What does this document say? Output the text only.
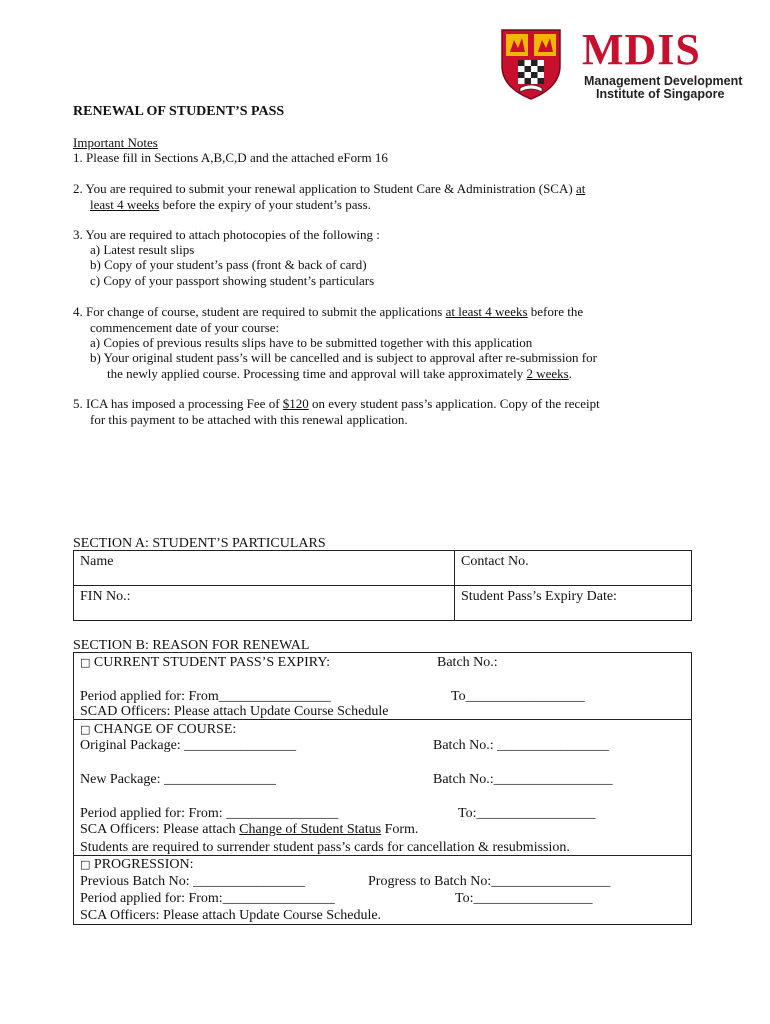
MDIS
Management Development
Institute of Singapore
RENEWAL OF STUDENT’S PASS
Important Notes
1. Please fill in Sections A,B,C,D and the attached eForm 16
2. You are required to submit your renewal application to Student Care & Administration (SCA) at
least 4 weeks before the expiry of your student’s pass.
3. You are required to attach photocopies of the following :
a) Latest result slips
b) Copy of your student’s pass (front & back of card)
c) Copy of your passport showing student’s particulars
4. For change of course, student are required to submit the applications at least 4 weeks before the
commencement date of your course:
a) Copies of previous results slips have to be submitted together with this application
b) Your original student pass’s will be cancelled and is subject to approval after re-submission for
the newly applied course. Processing time and approval will take approximately 2 weeks.
5. ICA has imposed a processing Fee of $120 on every student pass’s application. Copy of the receipt
for this payment to be attached with this renewal application.
SECTION A: STUDENT’S PARTICULARS
Name	Contact No.
FIN No.:	Student Pass’s Expiry Date:
SECTION B: REASON FOR RENEWAL
□ CURRENT STUDENT PASS’S EXPIRY:	Batch No.:
Period applied for: From________________	To_________________
SCAD Officers: Please attach Update Course Schedule
□ CHANGE OF COURSE:
Original Package: ________________	Batch No.: ________________
New Package: ________________	Batch No.:_________________
Period applied for: From: ________________	To:_________________
SCA Officers: Please attach Change of Student Status Form.
Students are required to surrender student pass’s cards for cancellation & resubmission.
□ PROGRESSION:
Previous Batch No: ________________	Progress to Batch No:_________________
Period applied for: From:________________	To:_________________
SCA Officers: Please attach Update Course Schedule.
